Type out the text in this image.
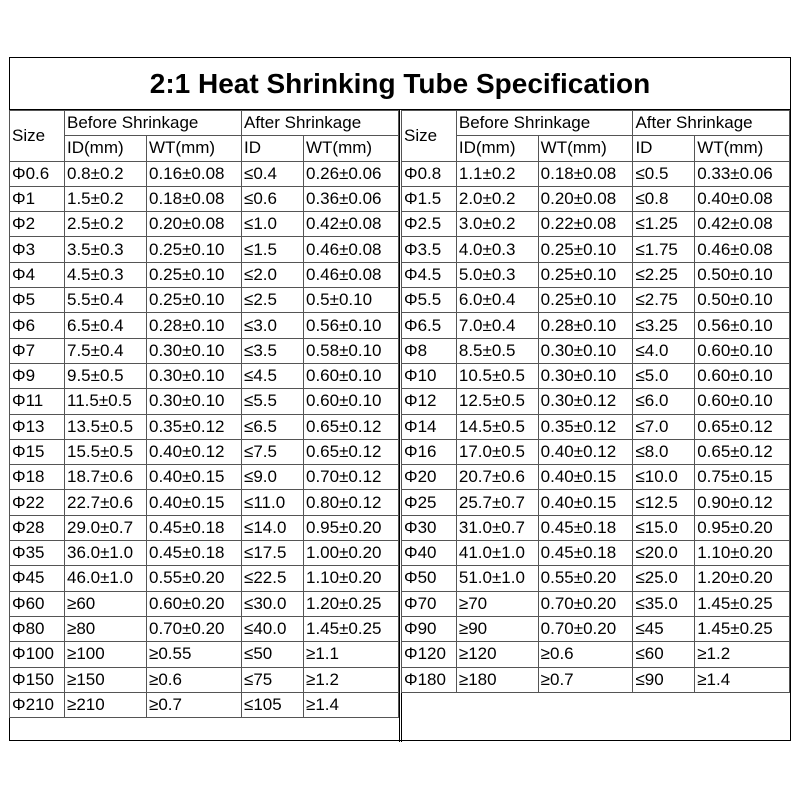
2:1 Heat Shrinking Tube Specification
Size	Before Shrinkage		After Shrinkage	
	ID(mm)	WT(mm)	ID	WT(mm)
Φ0.6	0.8±0.2	0.16±0.08	≤0.4	0.26±0.06
Φ1	1.5±0.2	0.18±0.08	≤0.6	0.36±0.06
Φ2	2.5±0.2	0.20±0.08	≤1.0	0.42±0.08
Φ3	3.5±0.3	0.25±0.10	≤1.5	0.46±0.08
Φ4	4.5±0.3	0.25±0.10	≤2.0	0.46±0.08
Φ5	5.5±0.4	0.25±0.10	≤2.5	0.5±0.10
Φ6	6.5±0.4	0.28±0.10	≤3.0	0.56±0.10
Φ7	7.5±0.4	0.30±0.10	≤3.5	0.58±0.10
Φ9	9.5±0.5	0.30±0.10	≤4.5	0.60±0.10
Φ11	11.5±0.5	0.30±0.10	≤5.5	0.60±0.10
Φ13	13.5±0.5	0.35±0.12	≤6.5	0.65±0.12
Φ15	15.5±0.5	0.40±0.12	≤7.5	0.65±0.12
Φ18	18.7±0.6	0.40±0.15	≤9.0	0.70±0.12
Φ22	22.7±0.6	0.40±0.15	≤11.0	0.80±0.12
Φ28	29.0±0.7	0.45±0.18	≤14.0	0.95±0.20
Φ35	36.0±1.0	0.45±0.18	≤17.5	1.00±0.20
Φ45	46.0±1.0	0.55±0.20	≤22.5	1.10±0.20
Φ60	≥60	0.60±0.20	≤30.0	1.20±0.25
Φ80	≥80	0.70±0.20	≤40.0	1.45±0.25
Φ100	≥100	≥0.55	≤50	≥1.1
Φ150	≥150	≥0.6	≤75	≥1.2
Φ210	≥210	≥0.7	≤105	≥1.4
Size	Before Shrinkage		After Shrinkage	
	ID(mm)	WT(mm)	ID	WT(mm)
Φ0.8	1.1±0.2	0.18±0.08	≤0.5	0.33±0.06
Φ1.5	2.0±0.2	0.20±0.08	≤0.8	0.40±0.08
Φ2.5	3.0±0.2	0.22±0.08	≤1.25	0.42±0.08
Φ3.5	4.0±0.3	0.25±0.10	≤1.75	0.46±0.08
Φ4.5	5.0±0.3	0.25±0.10	≤2.25	0.50±0.10
Φ5.5	6.0±0.4	0.25±0.10	≤2.75	0.50±0.10
Φ6.5	7.0±0.4	0.28±0.10	≤3.25	0.56±0.10
Φ8	8.5±0.5	0.30±0.10	≤4.0	0.60±0.10
Φ10	10.5±0.5	0.30±0.10	≤5.0	0.60±0.10
Φ12	12.5±0.5	0.30±0.12	≤6.0	0.60±0.10
Φ14	14.5±0.5	0.35±0.12	≤7.0	0.65±0.12
Φ16	17.0±0.5	0.40±0.12	≤8.0	0.65±0.12
Φ20	20.7±0.6	0.40±0.15	≤10.0	0.75±0.15
Φ25	25.7±0.7	0.40±0.15	≤12.5	0.90±0.12
Φ30	31.0±0.7	0.45±0.18	≤15.0	0.95±0.20
Φ40	41.0±1.0	0.45±0.18	≤20.0	1.10±0.20
Φ50	51.0±1.0	0.55±0.20	≤25.0	1.20±0.20
Φ70	≥70	0.70±0.20	≤35.0	1.45±0.25
Φ90	≥90	0.70±0.20	≤45	1.45±0.25
Φ120	≥120	≥0.6	≤60	≥1.2
Φ180	≥180	≥0.7	≤90	≥1.4
